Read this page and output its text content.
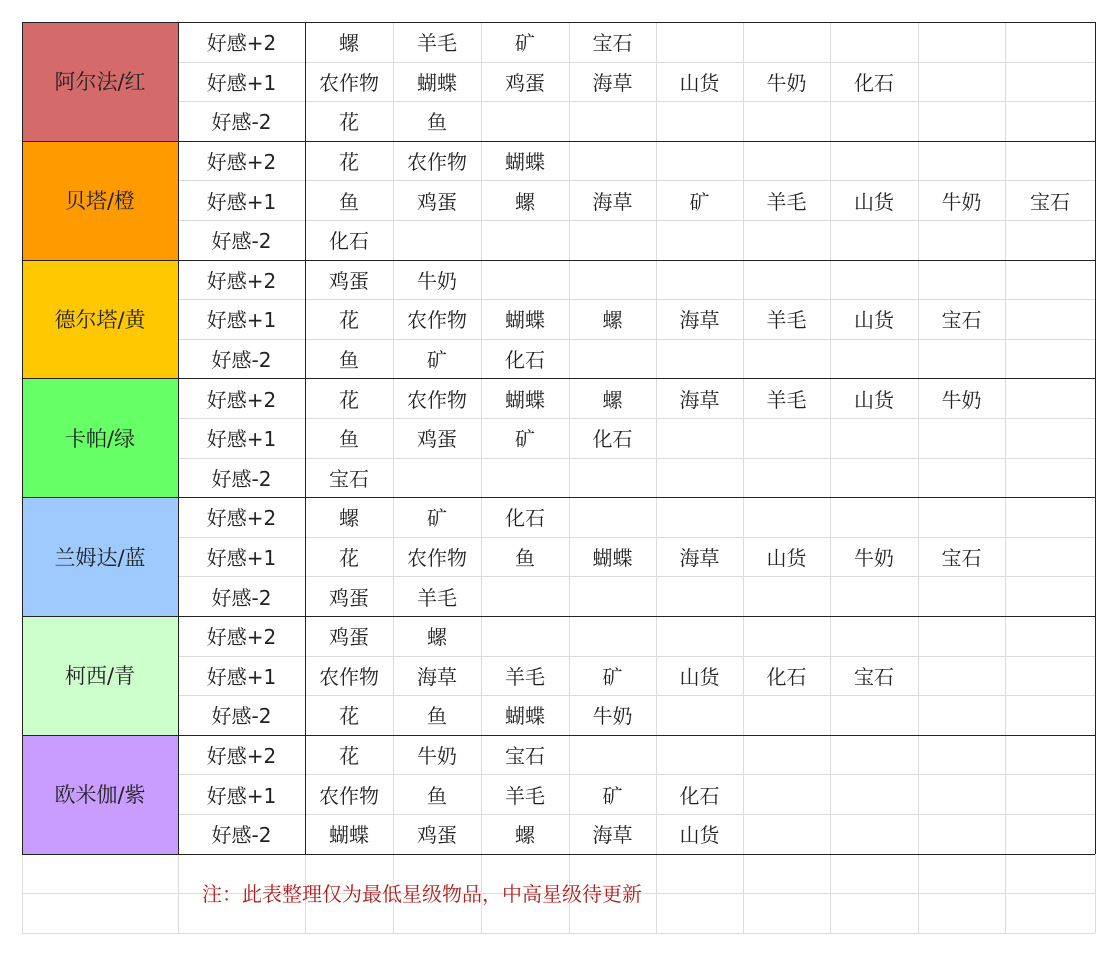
阿尔法/红
好感+2	螺	羊毛	矿	宝石
好感+1	农作物	蝴蝶	鸡蛋	海草	山货	牛奶	化石
好感-2	花	鱼
贝塔/橙
好感+2	花	农作物	蝴蝶
好感+1	鱼	鸡蛋	螺	海草	矿	羊毛	山货	牛奶	宝石
好感-2	化石
德尔塔/黄
好感+2	鸡蛋	牛奶
好感+1	花	农作物	蝴蝶	螺	海草	羊毛	山货	宝石
好感-2	鱼	矿	化石
卡帕/绿
好感+2	花	农作物	蝴蝶	螺	海草	羊毛	山货	牛奶
好感+1	鱼	鸡蛋	矿	化石
好感-2	宝石
兰姆达/蓝
好感+2	螺	矿	化石
好感+1	花	农作物	鱼	蝴蝶	海草	山货	牛奶	宝石
好感-2	鸡蛋	羊毛
柯西/青
好感+2	鸡蛋	螺
好感+1	农作物	海草	羊毛	矿	山货	化石	宝石
好感-2	花	鱼	蝴蝶	牛奶
欧米伽/紫
好感+2	花	牛奶	宝石
好感+1	农作物	鱼	羊毛	矿	化石
好感-2	蝴蝶	鸡蛋	螺	海草	山货
注：此表整理仅为最低星级物品，中高星级待更新
